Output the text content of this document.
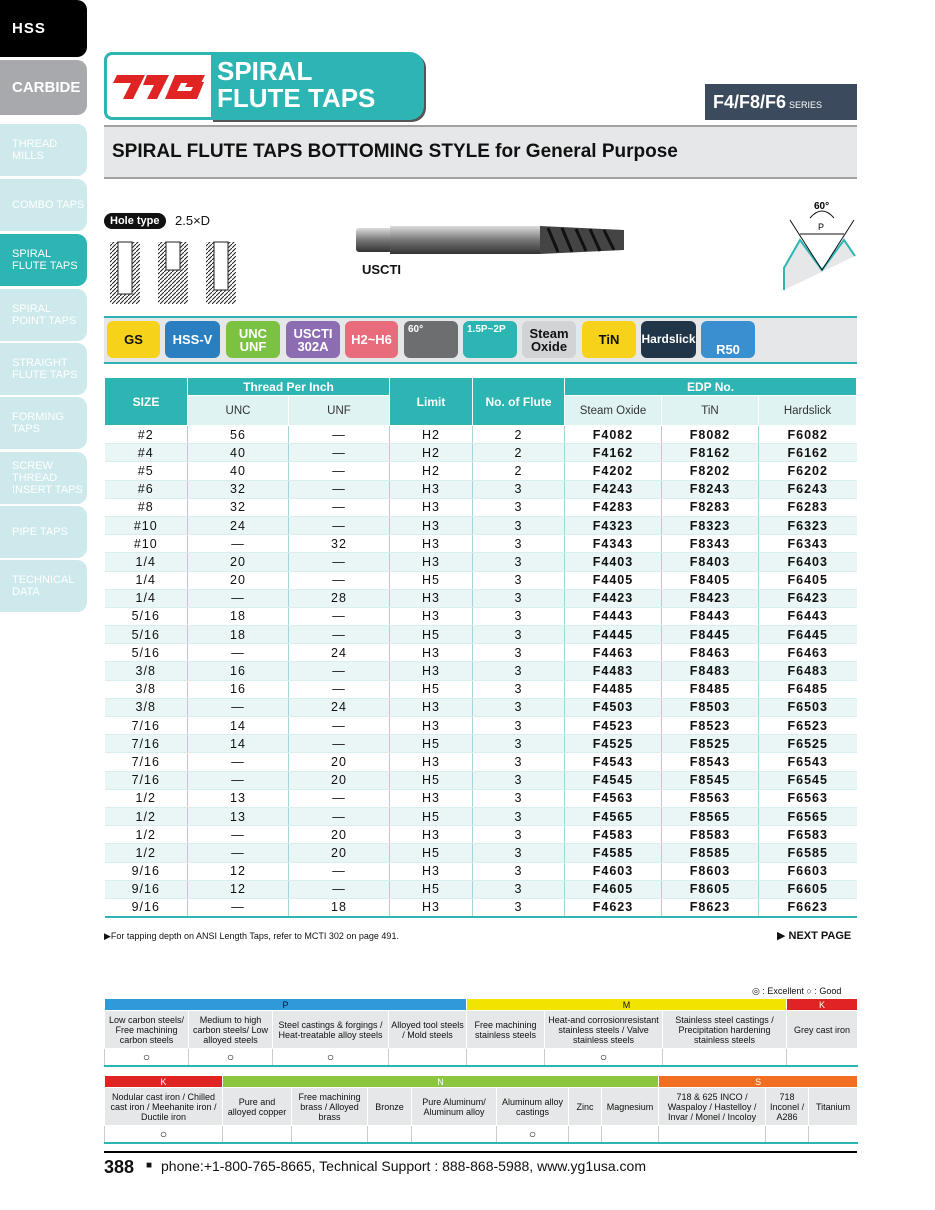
HSS
CARBIDE
THREAD MILLS
COMBO TAPS
SPIRAL FLUTE TAPS
SPIRAL POINT TAPS
STRAIGHT FLUTE TAPS
FORMING TAPS
SCREW THREAD INSERT TAPS
PIPE TAPS
TECHNICAL DATA
SPIRAL
FLUTE TAPS	F4/F8/F6 SERIES
SPIRAL FLUTE TAPS BOTTOMING STYLE for General Purpose
Hole type	2.5×D
USCTI
60°
P
GS HSS-V UNC UNF
USCTI 302A	H2~H6
60°	1.5P~2P Steam Oxide	TiN Hardslick
R50
SIZE	Thread Per Inch		Limit	No. of Flute	EDP No.		
	UNC	UNF			Steam Oxide	TiN	Hardslick
#2	56	—	H2	2	F4082	F8082	F6082
#4	40	—	H2	2	F4162	F8162	F6162
#5	40	—	H2	2	F4202	F8202	F6202
#6	32	—	H3	3	F4243	F8243	F6243
#8	32	—	H3	3	F4283	F8283	F6283
#10	24	—	H3	3	F4323	F8323	F6323
#10	—	32	H3	3	F4343	F8343	F6343
1/4	20	—	H3	3	F4403	F8403	F6403
1/4	20	—	H5	3	F4405	F8405	F6405
1/4	—	28	H3	3	F4423	F8423	F6423
5/16	18	—	H3	3	F4443	F8443	F6443
5/16	18	—	H5	3	F4445	F8445	F6445
5/16	—	24	H3	3	F4463	F8463	F6463
3/8	16	—	H3	3	F4483	F8483	F6483
3/8	16	—	H5	3	F4485	F8485	F6485
3/8	—	24	H3	3	F4503	F8503	F6503
7/16	14	—	H3	3	F4523	F8523	F6523
7/16	14	—	H5	3	F4525	F8525	F6525
7/16	—	20	H3	3	F4543	F8543	F6543
7/16	—	20	H5	3	F4545	F8545	F6545
1/2	13	—	H3	3	F4563	F8563	F6563
1/2	13	—	H5	3	F4565	F8565	F6565
1/2	—	20	H3	3	F4583	F8583	F6583
1/2	—	20	H5	3	F4585	F8585	F6585
9/16	12	—	H3	3	F4603	F8603	F6603
9/16	12	—	H5	3	F4605	F8605	F6605
9/16	—	18	H3	3	F4623	F8623	F6623
▶For tapping depth on ANSI Length Taps, refer to MCTI 302 on page 491.	▶ NEXT PAGE
◎ : Excellent ○ : Good
P				M			K
Low carbon steels/ Free machining carbon steels	Medium to high carbon steels/ Low alloyed steels	Steel castings & forgings / Heat-treatable alloy steels	Alloyed tool steels / Mold steels	Free machining stainless steels	Heat-and corrosionresistant stainless steels / Valve stainless steels	Stainless steel castings / Precipitation hardening stainless steels	Grey cast iron
○	○	○			○		
K	N							S		
Nodular cast iron / Chilled cast iron / Meehanite iron / Ductile iron	Pure and alloyed copper	Free machining brass / Alloyed brass	Bronze	Pure Aluminum/ Aluminum alloy	Aluminum alloy castings	Zinc	Magnesium	718 & 625 INCO / Waspaloy / Hastelloy / Invar / Monel / Incoloy	718 Inconel / A286	Titanium
○					○					
388 ■ phone:+1-800-765-8665, Technical Support : 888-868-5988, www.yg1usa.com
